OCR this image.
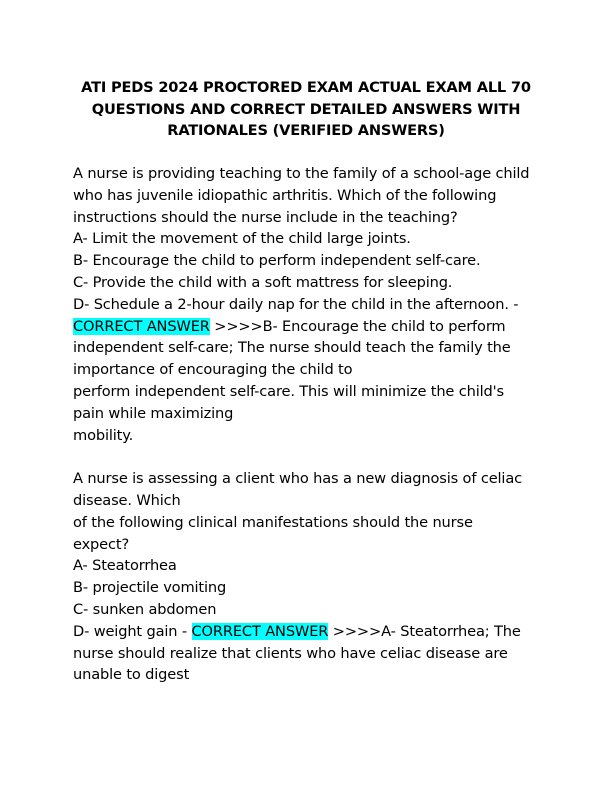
ATI PEDS 2024 PROCTORED EXAM ACTUAL EXAM ALL 70
QUESTIONS AND CORRECT DETAILED ANSWERS WITH
RATIONALES (VERIFIED ANSWERS)
A nurse is providing teaching to the family of a school-age child
who has juvenile idiopathic arthritis. Which of the following
instructions should the nurse include in the teaching?
A- Limit the movement of the child large joints.
B- Encourage the child to perform independent self-care.
C- Provide the child with a soft mattress for sleeping.
D- Schedule a 2-hour daily nap for the child in the afternoon. -
CORRECT ANSWER >>>>B- Encourage the child to perform
independent self-care; The nurse should teach the family the
importance of encouraging the child to
perform independent self-care. This will minimize the child's
pain while maximizing
mobility.
A nurse is assessing a client who has a new diagnosis of celiac
disease. Which
of the following clinical manifestations should the nurse
expect?
A- Steatorrhea
B- projectile vomiting
C- sunken abdomen
D- weight gain - CORRECT ANSWER >>>>A- Steatorrhea; The
nurse should realize that clients who have celiac disease are
unable to digest
